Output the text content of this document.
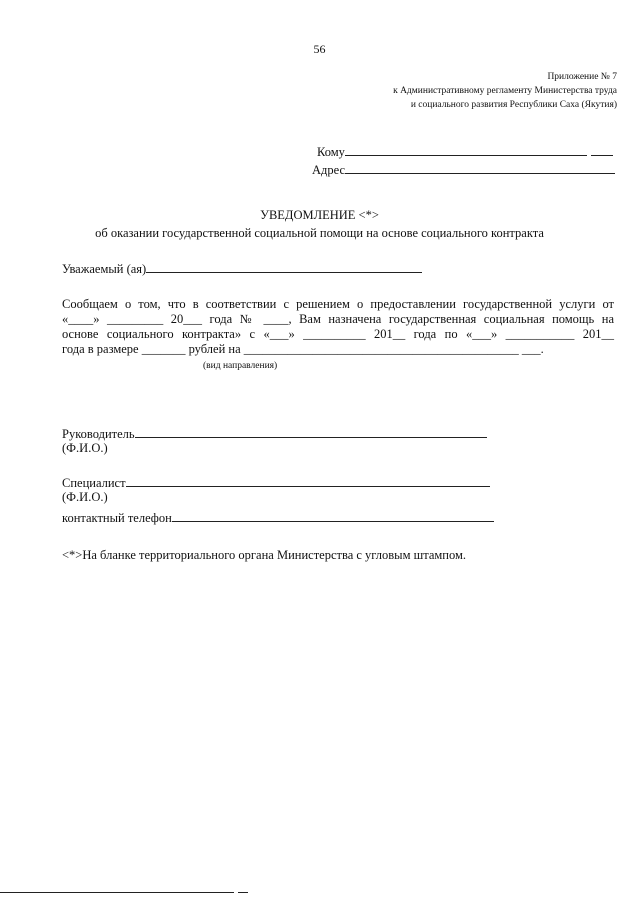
56
Приложение № 7
к Административному регламенту Министерства труда
и социального развития Республики Саха (Якутия)
Кому
Адрес
УВЕДОМЛЕНИЕ <*>
об оказании государственной социальной помощи на основе социального контракта
Уважаемый (ая)
Сообщаем о том, что в соответствии с решением о предоставлении государственной услуги от
«____» _________ 20___ года № ____, Вам назначена государственная социальная помощь на
основе социального контракта» с «___» __________ 201__ года по «___» ___________ 201__
года в размере _______ рублей на ____________________________________________ ___.
(вид направления)
Руководитель
(Ф.И.О.)
Специалист
(Ф.И.О.)
контактный телефон
<*>На бланке территориального органа Министерства с угловым штампом.
